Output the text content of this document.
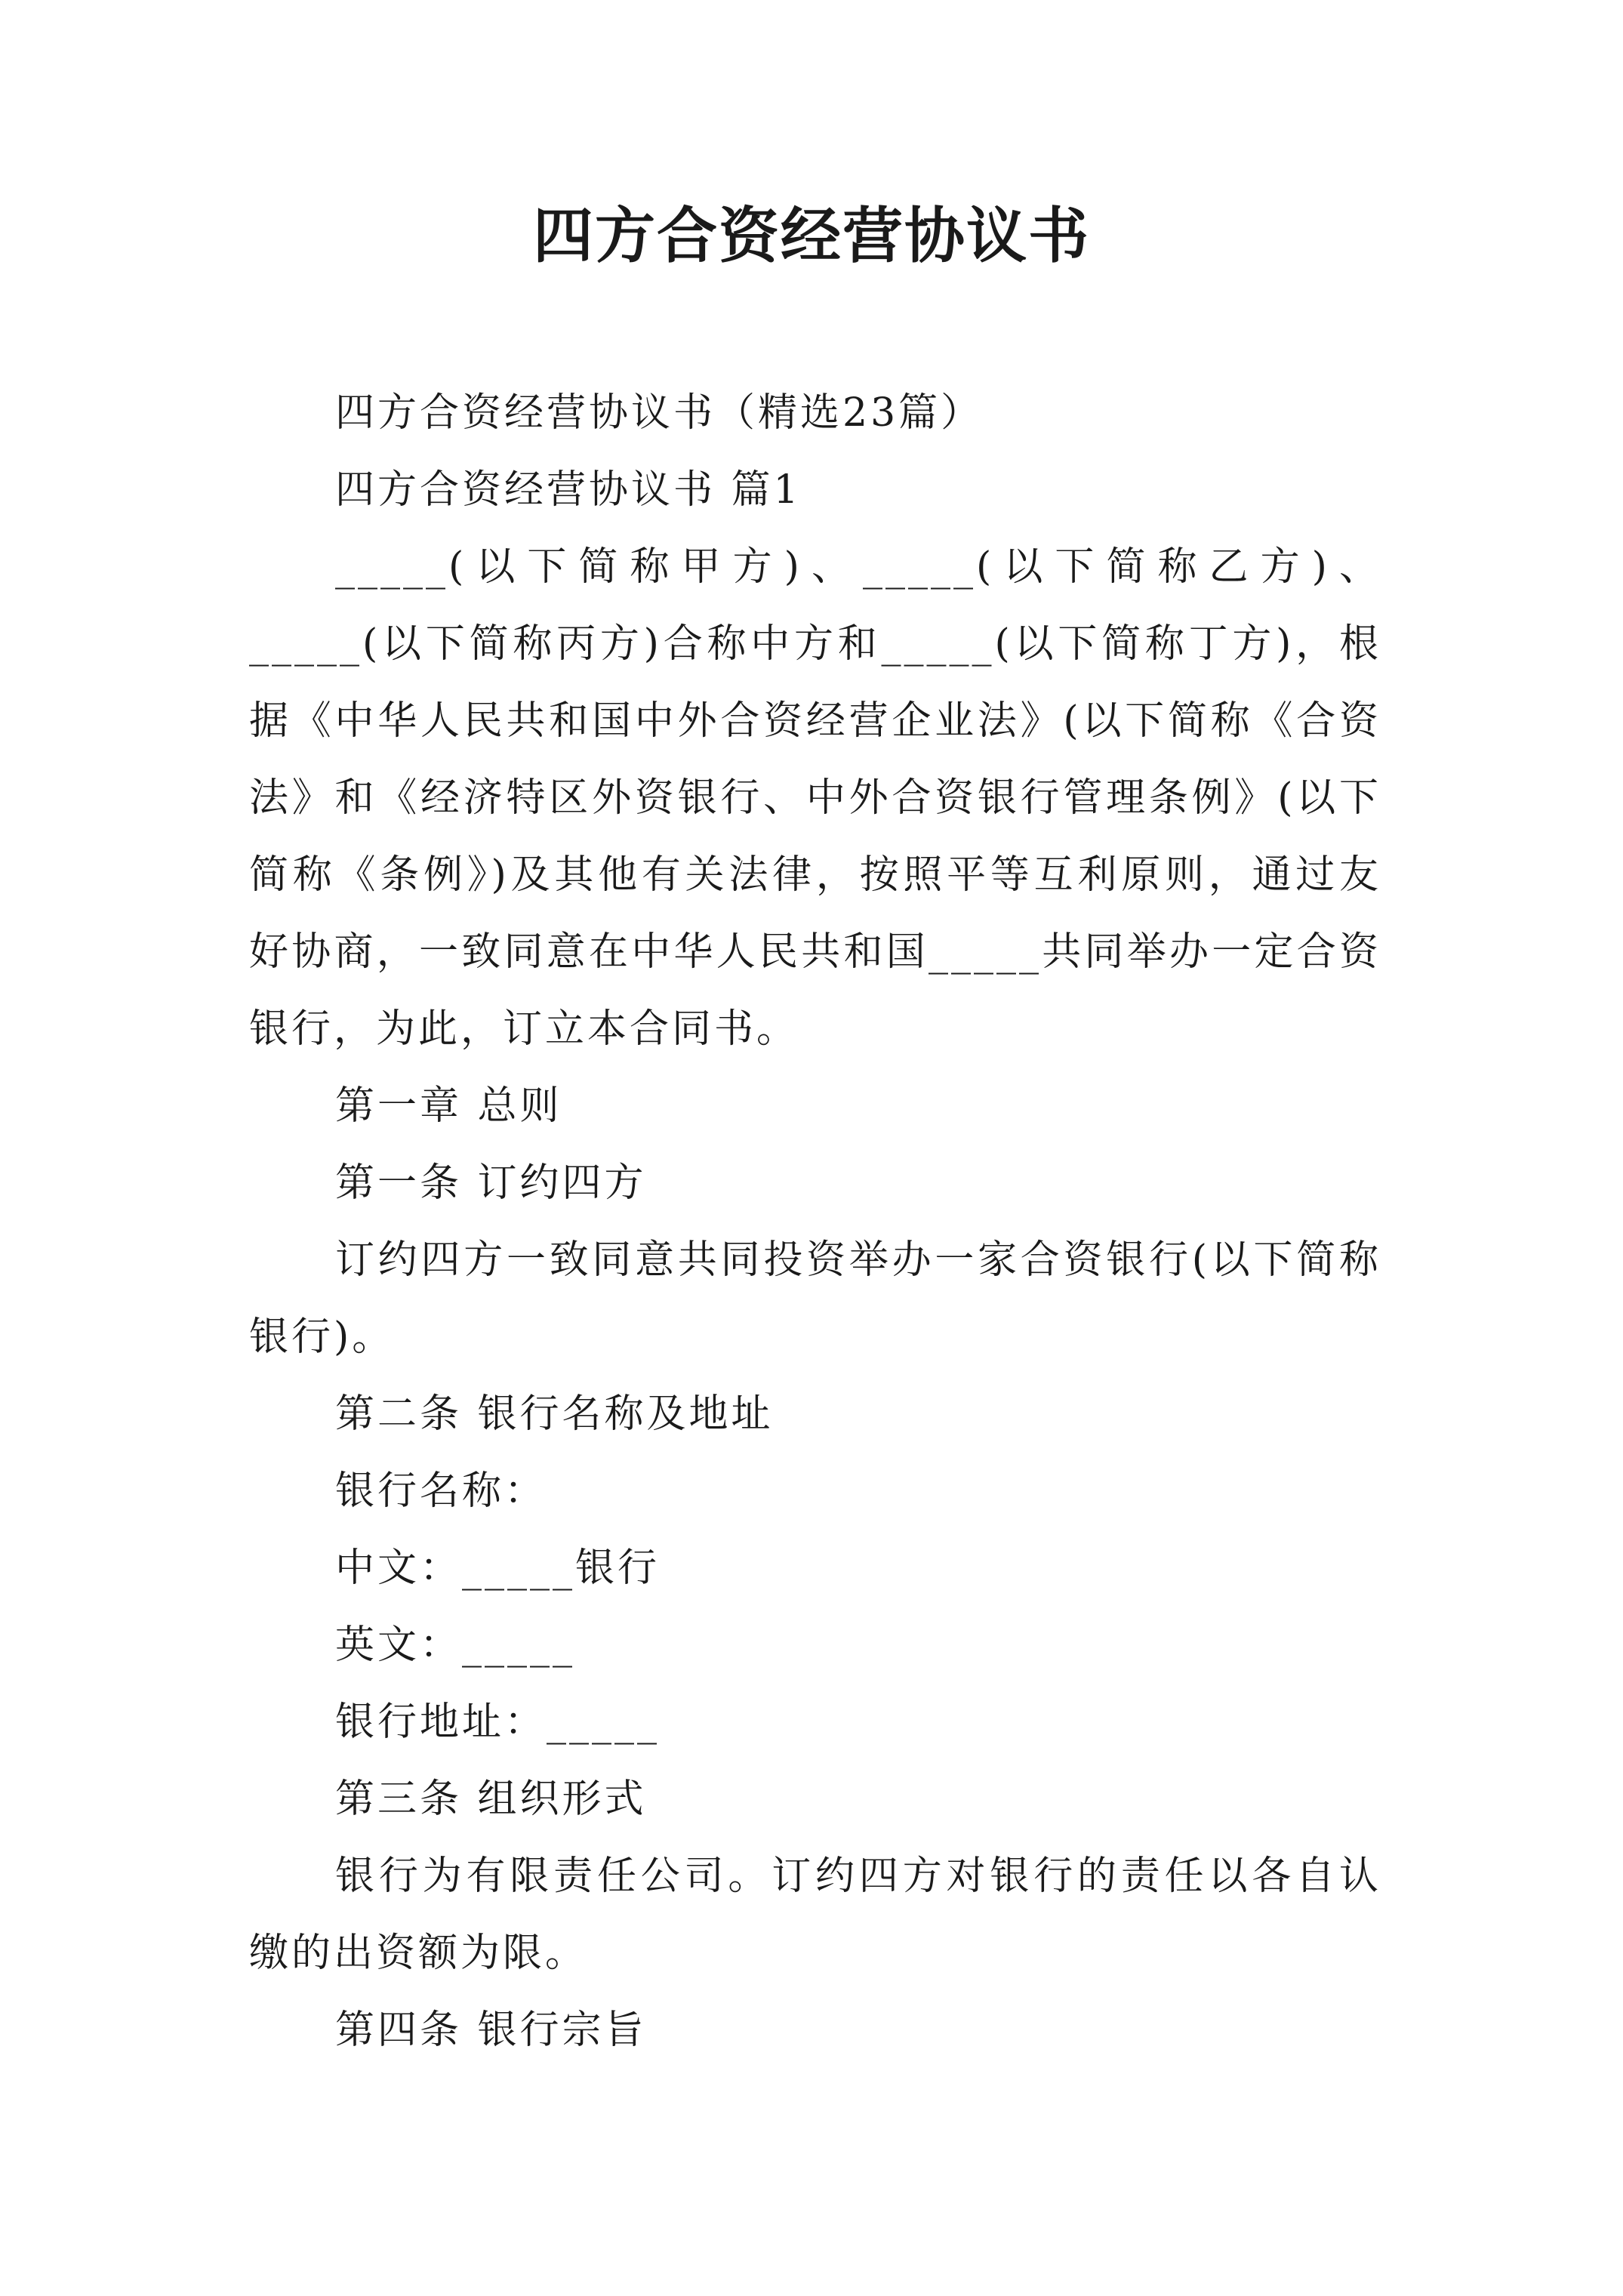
四方合资经营协议书

四方合资经营协议书（精选23篇）

四方合资经营协议书 篇1

_____(以下简称甲方)、_____(以下简称乙方)、_____(以下简称丙方)合称中方和_____(以下简称丁方)，根据《中华人民共和国中外合资经营企业法》(以下简称《合资法》和《经济特区外资银行、中外合资银行管理条例》(以下简称《条例》)及其他有关法律，按照平等互利原则，通过友好协商，一致同意在中华人民共和国_____共同举办一定合资银行，为此，订立本合同书。

第一章 总则

第一条 订约四方

订约四方一致同意共同投资举办一家合资银行(以下简称银行)。

第二条 银行名称及地址

银行名称：

中文：_____银行

英文：_____

银行地址：_____

第三条 组织形式

银行为有限责任公司。订约四方对银行的责任以各自认缴的出资额为限。

第四条 银行宗旨
